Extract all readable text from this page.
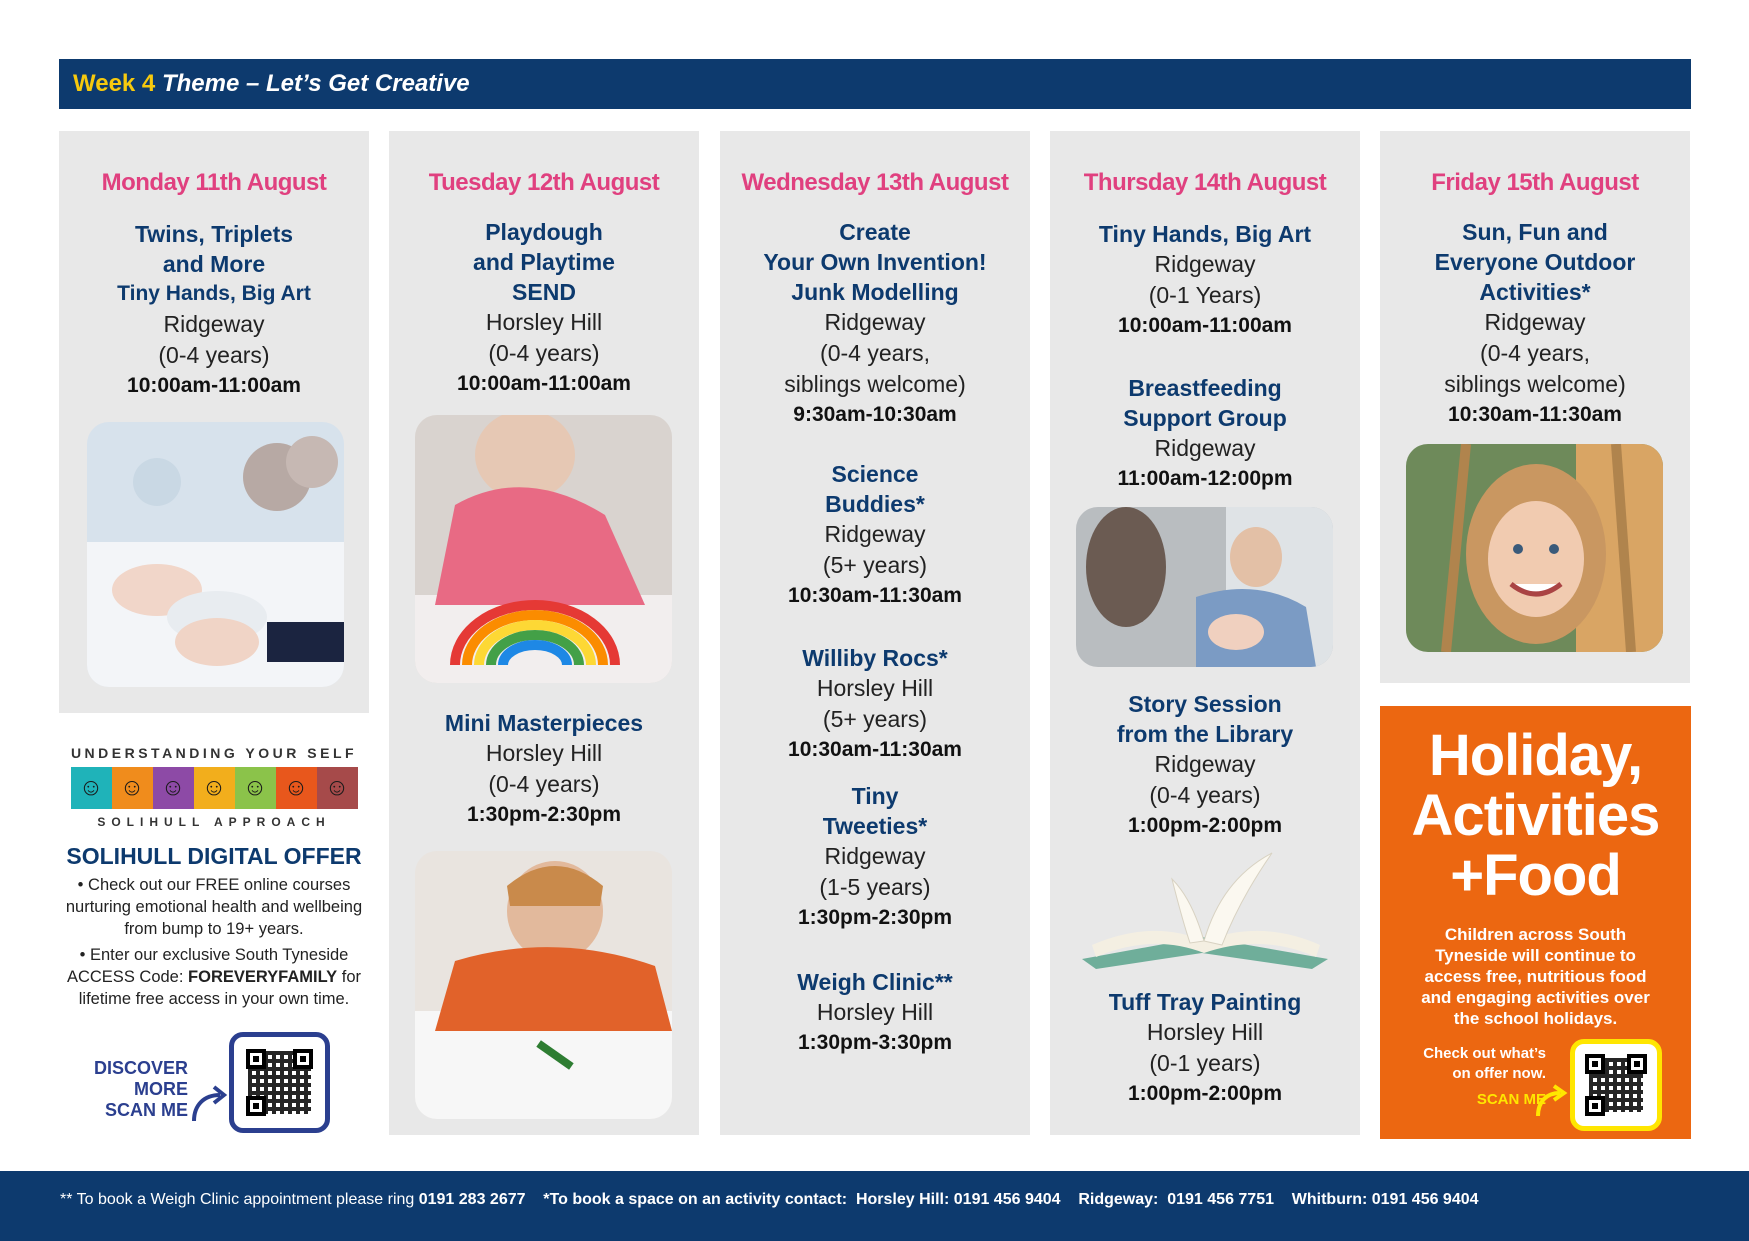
Week 4 Theme – Let’s Get Creative
Monday 11th August
Twins, Triplets
and More
Tiny Hands, Big Art
Ridgeway
(0-4 years)
10:00am-11:00am
UNDERSTANDING YOUR SELF
☺ ☺ ☺ ☺ ☺ ☺ ☺
SOLIHULL APPROACH
SOLIHULL DIGITAL OFFER
• Check out our FREE online courses nurturing emotional health and wellbeing from bump to 19+ years.
• Enter our exclusive South Tyneside ACCESS Code: FOREVERYFAMILY for lifetime free access in your own time.
DISCOVER
MORE
SCAN ME
Tuesday 12th August
Playdough
and Playtime
SEND
Horsley Hill
(0-4 years)
10:00am-11:00am
Mini Masterpieces
Horsley Hill
(0-4 years)
1:30pm-2:30pm
Wednesday 13th August
Create
Your Own Invention!
Junk Modelling
Ridgeway
(0-4 years,
siblings welcome)
9:30am-10:30am
Science
Buddies*
Ridgeway
(5+ years)
10:30am-11:30am
Williby Rocs*
Horsley Hill
(5+ years)
10:30am-11:30am
Tiny
Tweeties*
Ridgeway
(1-5 years)
1:30pm-2:30pm
Weigh Clinic**
Horsley Hill
1:30pm-3:30pm
Thursday 14th August
Tiny Hands, Big Art
Ridgeway
(0-1 Years)
10:00am-11:00am
Breastfeeding
Support Group
Ridgeway
11:00am-12:00pm
Story Session
from the Library
Ridgeway
(0-4 years)
1:00pm-2:00pm
Tuff Tray Painting
Horsley Hill
(0-1 years)
1:00pm-2:00pm
Friday 15th August
Sun, Fun and
Everyone Outdoor
Activities*
Ridgeway
(0-4 years,
siblings welcome)
10:30am-11:30am
Holiday,
Activities
+Food
Children across South Tyneside will continue to access free, nutritious food and engaging activities over the school holidays.
Check out what’s
on offer now.
SCAN ME
** To book a Weigh Clinic appointment please ring 0191 283 2677 *To book a space on an activity contact:  Horsley Hill: 0191 456 9404    Ridgeway:  0191 456 7751    Whitburn: 0191 456 9404
